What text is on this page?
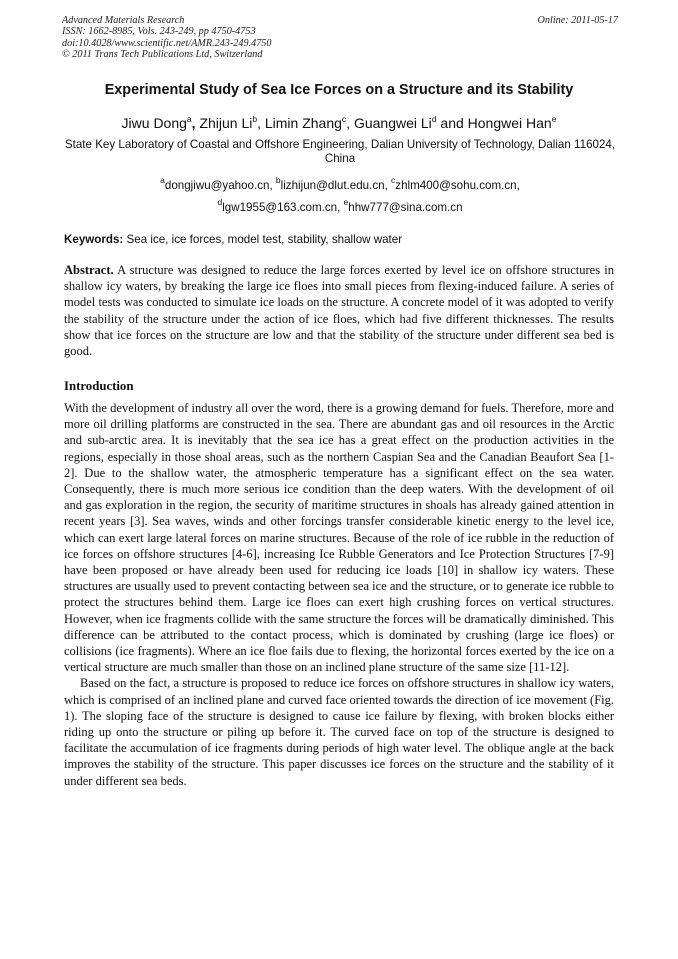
Advanced Materials Research
ISSN: 1662-8985, Vols. 243-249, pp 4750-4753
doi:10.4028/www.scientific.net/AMR.243-249.4750
© 2011 Trans Tech Publications Ltd, Switzerland
Online: 2011-05-17
Experimental Study of Sea Ice Forces on a Structure and its Stability
Jiwu Dong$^a$, Zhijun Li$^b$, Limin Zhang$^c$, Guangwei Li$^d$ and Hongwei Han$^e$
State Key Laboratory of Coastal and Offshore Engineering, Dalian University of Technology, Dalian 116024, China
$^a$dongjiwu@yahoo.cn, $^b$lizhijun@dlut.edu.cn, $^c$zhlm400@sohu.com.cn,
$^d$lgw1955@163.com.cn, $^e$hhw777@sina.com.cn
Keywords: Sea ice, ice forces, model test, stability, shallow water
Abstract. A structure was designed to reduce the large forces exerted by level ice on offshore structures in shallow icy waters, by breaking the large ice floes into small pieces from flexing-induced failure. A series of model tests was conducted to simulate ice loads on the structure. A concrete model of it was adopted to verify the stability of the structure under the action of ice floes, which had five different thicknesses. The results show that ice forces on the structure are low and that the stability of the structure under different sea bed is good.
Introduction

With the development of industry all over the word, there is a growing demand for fuels. Therefore, more and more oil drilling platforms are constructed in the sea. There are abundant gas and oil resources in the Arctic and sub-arctic area. It is inevitably that the sea ice has a great effect on the production activities in the regions, especially in those shoal areas, such as the northern Caspian Sea and the Canadian Beaufort Sea [1-2]. Due to the shallow water, the atmospheric temperature has a significant effect on the sea water. Consequently, there is much more serious ice condition than the deep waters. With the development of oil and gas exploration in the region, the security of maritime structures in shoals has already gained attention in recent years [3]. Sea waves, winds and other forcings transfer considerable kinetic energy to the level ice, which can exert large lateral forces on marine structures. Because of the role of ice rubble in the reduction of ice forces on offshore structures [4-6], increasing Ice Rubble Generators and Ice Protection Structures [7-9] have been proposed or have already been used for reducing ice loads [10] in shallow icy waters. These structures are usually used to prevent contacting between sea ice and the structure, or to generate ice rubble to protect the structures behind them. Large ice floes can exert high crushing forces on vertical structures. However, when ice fragments collide with the same structure the forces will be dramatically diminished. This difference can be attributed to the contact process, which is dominated by crushing (large ice floes) or collisions (ice fragments). Where an ice floe fails due to flexing, the horizontal forces exerted by the ice on a vertical structure are much smaller than those on an inclined plane structure of the same size [11-12].

Based on the fact, a structure is proposed to reduce ice forces on offshore structures in shallow icy waters, which is comprised of an inclined plane and curved face oriented towards the direction of ice movement (Fig. 1). The sloping face of the structure is designed to cause ice failure by flexing, with broken blocks either riding up onto the structure or piling up before it. The curved face on top of the structure is designed to facilitate the accumulation of ice fragments during periods of high water level. The oblique angle at the back improves the stability of the structure. This paper discusses ice forces on the structure and the stability of it under different sea beds.
